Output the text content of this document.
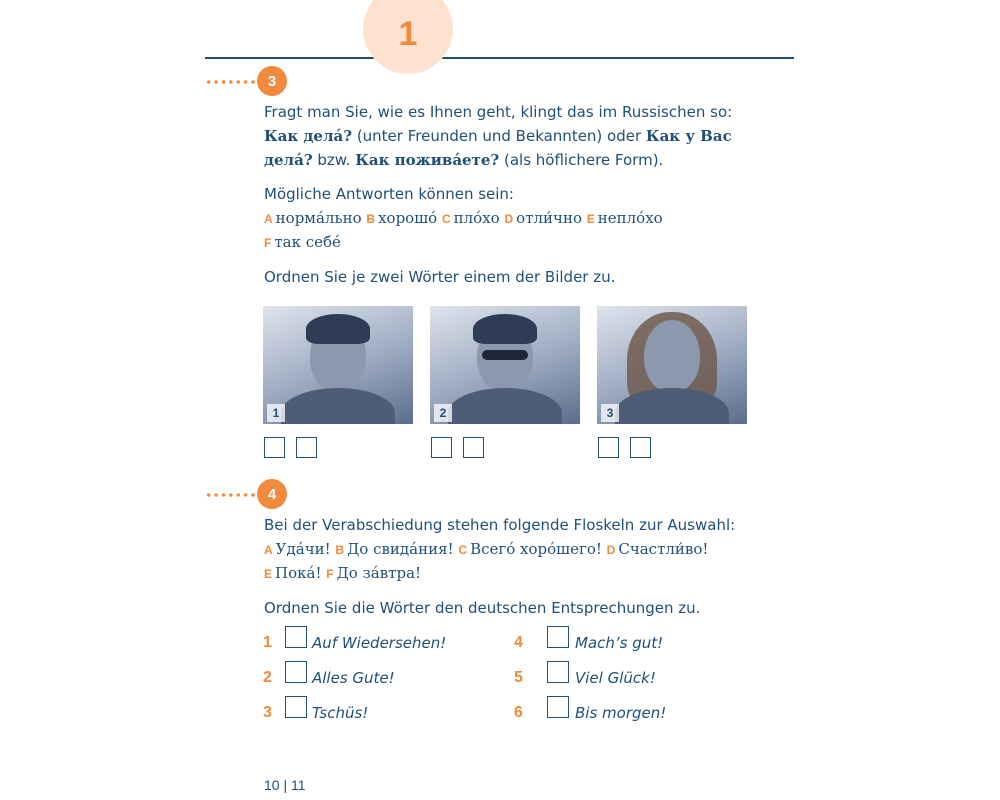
1
3

Fragt man Sie, wie es Ihnen geht, klingt das im Russischen so:

Как делá? (unter Freunden und Bekannten) oder Как у Вас

делá? bzw. Как поживáете? (als höflichere Form).

Mögliche Antworten können sein:

A нормáльно B хорошó C плóхо D отли́чно E неплóхо

F так себé

Ordnen Sie je zwei Wörter einem der Bilder zu.

1	2	3
4

Bei der Verabschiedung stehen folgende Floskeln zur Auswahl:

A Удáчи! B До свидáния! C Всегó хорóшего! D Счастли́во!

E Покá! F До зáвтра!

Ordnen Sie die Wörter den deutschen Entsprechungen zu.

1	Auf Wiedersehen!
2	Alles Gute!
3	Tschüs!
4	Mach’s gut!
5	Viel Glück!
6	Bis morgen!
10 | 11
